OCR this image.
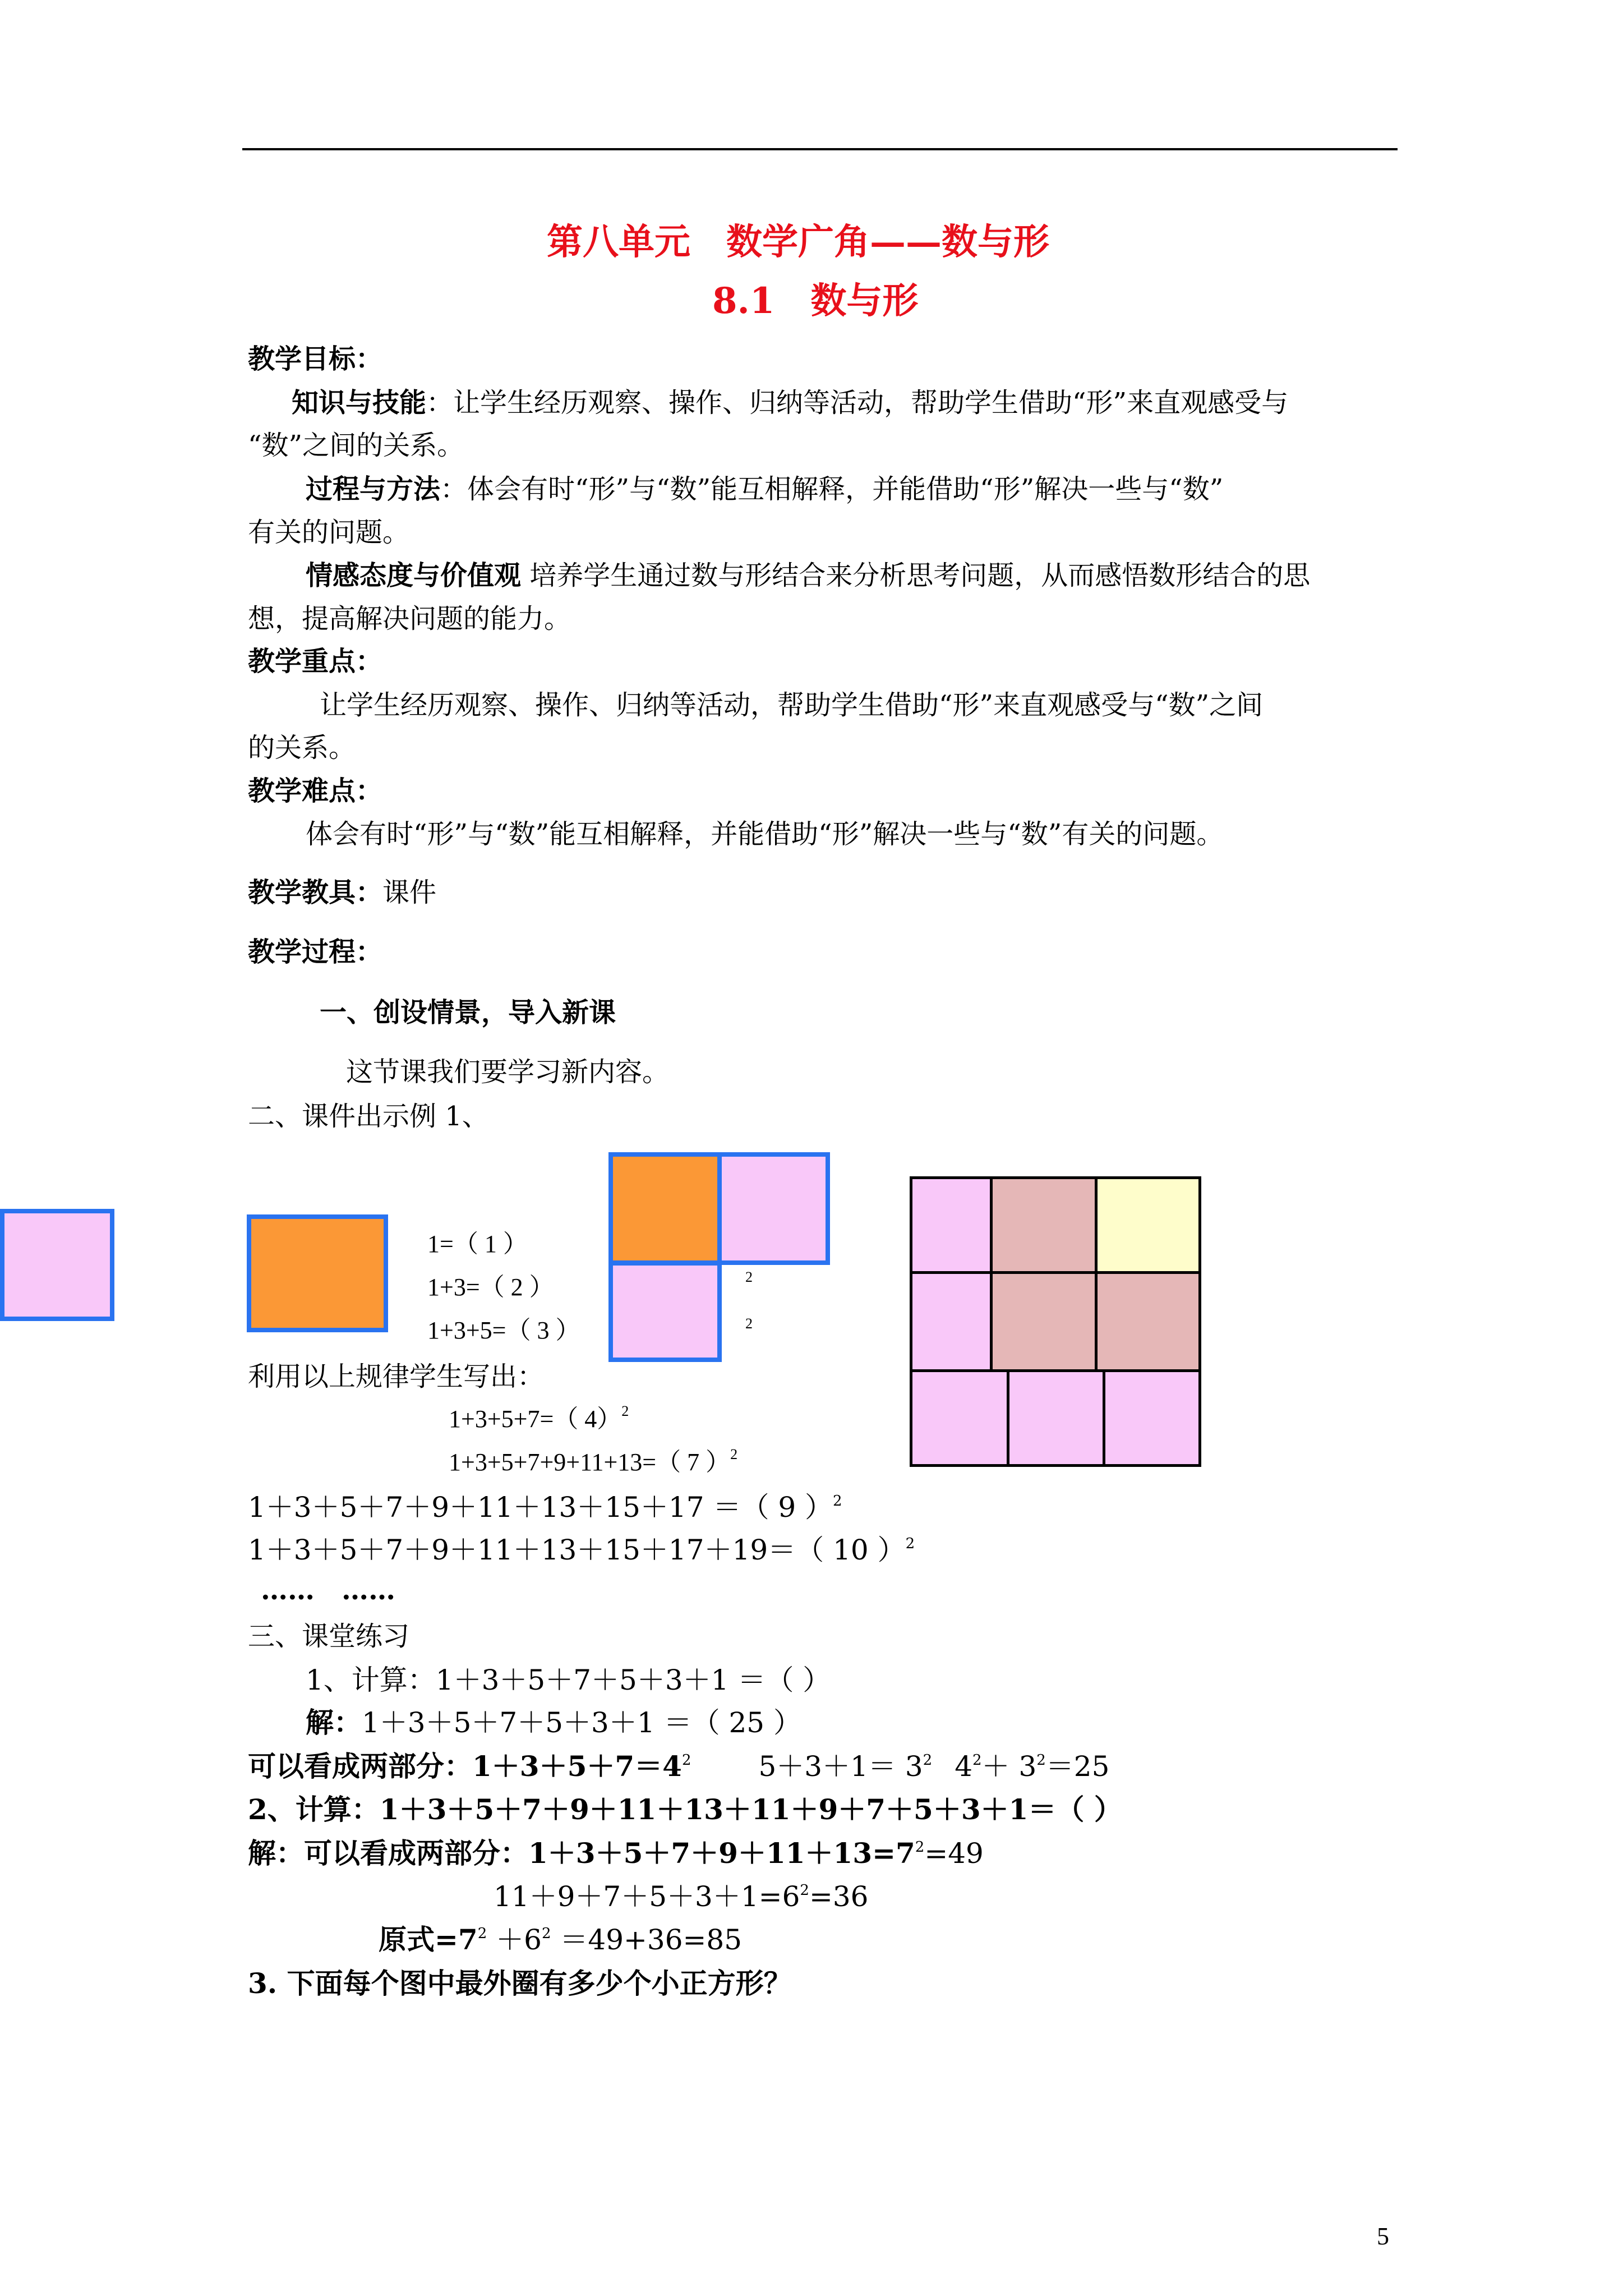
第八单元　数学广角——数与形
8.1　数与形
教学目标：
知识与技能：让学生经历观察、操作、归纳等活动，帮助学生借助“形”来直观感受与
“数”之间的关系。
过程与方法：体会有时“形”与“数”能互相解释，并能借助“形”解决一些与“数”
有关的问题。
情感态度与价值观 培养学生通过数与形结合来分析思考问题，从而感悟数形结合的思
想，提高解决问题的能力。
教学重点：
让学生经历观察、操作、归纳等活动，帮助学生借助“形”来直观感受与“数”之间
的关系。
教学难点：
体会有时“形”与“数”能互相解释，并能借助“形”解决一些与“数”有关的问题。
教学教具：课件
教学过程：
一、创设情景，导入新课
这节课我们要学习新内容。
二、课件出示例 1、
1=（ 1 ）
1+3=（ 2 ）
1+3+5=（ 3 ）
2
2
利用以上规律学生写出：
1+3+5+7=（ 4）$^2$
1+3+5+7+9+11+13=（ 7 ）$^2$
1＋3＋5＋7＋9＋11＋13＋15＋17 ＝（ 9 ）$^2$
1＋3＋5＋7＋9＋11＋13＋15＋17＋19＝（ 10 ）$^2$
……　……
三、课堂练习
1、计算：1＋3＋5＋7＋5＋3＋1 ＝（ ）
解：1＋3＋5＋7＋5＋3＋1 ＝（ 25 ）
可以看成两部分：$1+3+5+7=4^2$ $5+3+1= 3^2$ $4^2+ 3^2=25$
2、计算：1＋3＋5＋7＋9＋11＋13＋11＋9＋7＋5＋3＋1＝（ ）
解：可以看成两部分：$1+3+5+7+9+11+13=7^2=49$
$11+9+7+5+3+1=6^2=36$
原式$=7^2 +6^2 =49+36=85$
3. 下面每个图中最外圈有多少个小正方形？
5
